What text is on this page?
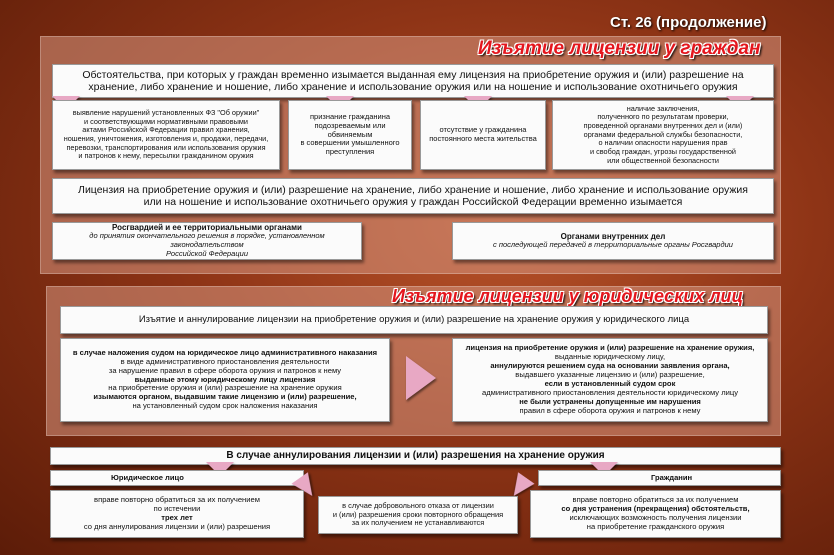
Ст. 26 (продолжение)
Изъятие лицензии у граждан
Обстоятельства, при которых у граждан временно изымается выданная ему лицензия на приобретение оружия и (или) разрешение на хранение, либо хранение и ношение, либо хранение и использование оружия или на ношение и использование охотничьего оружия
выявление нарушений установленных ФЗ "Об оружии"
и соответствующими нормативными правовыми
актами Российской Федерации правил хранения,
ношения, уничтожения, изготовления и, продажи, передачи,
перевозки, транспортирования или использования оружия
и патронов к нему, пересылки гражданином оружия
признание гражданина
подозреваемым или обвиняемым
в совершении умышленного
преступления
отсутствие у гражданина
постоянного места жительства
наличие заключения,
полученного по результатам проверки,
проведенной органами внутренних дел и (или)
органами федеральной службы безопасности,
о наличии опасности нарушения прав
и свобод граждан, угрозы государственной
или общественной безопасности
Лицензия на приобретение оружия и (или) разрешение на хранение, либо хранение и ношение, либо хранение и использование оружия
или на ношение и использование охотничьего оружия у граждан Российской Федерации временно изымается
Росгвардией и ее территориальными органами
до принятия окончательного решения в порядке, установленном законодательством
Российской Федерации
Органами внутренних дел
с последующей передачей в территориальные органы Росгвардии
Изъятие лицензии у юридических лиц
Изъятие и аннулирование лицензии на приобретение оружия и (или) разрешение на хранение оружия у юридического лица
в случае наложения судом на юридическое лицо административного наказания
в виде административного приостановления деятельности
за нарушение правил в сфере оборота оружия и патронов к нему
выданные этому юридическому лицу лицензия
на приобретение оружия и (или) разрешение на хранение оружия
изымаются органом, выдавшим такие лицензию и (или) разрешение,
на установленный судом срок наложения наказания
лицензия на приобретение оружия и (или) разрешение на хранение оружия,
выданные юридическому лицу,
аннулируются решением суда на основании заявления органа,
выдавшего указанные лицензию и (или) разрешение,
если в установленный судом срок
административного приостановления деятельности юридическому лицу
не были устранены допущенные им нарушения
правил в сфере оборота оружия и патронов к нему
В случае аннулирования лицензии и (или) разрешения на хранение оружия
Юридическое лицо	Гражданин
вправе повторно обратиться за их получением
по истечении
трех лет
со дня аннулирования лицензии и (или) разрешения
в случае добровольного отказа от лицензии
и (или) разрешения сроки повторного обращения
за их получением не устанавливаются
вправе повторно обратиться за их получением
со дня устранения (прекращения) обстоятельств,
исключающих возможность получения лицензии
на приобретение гражданского оружия
